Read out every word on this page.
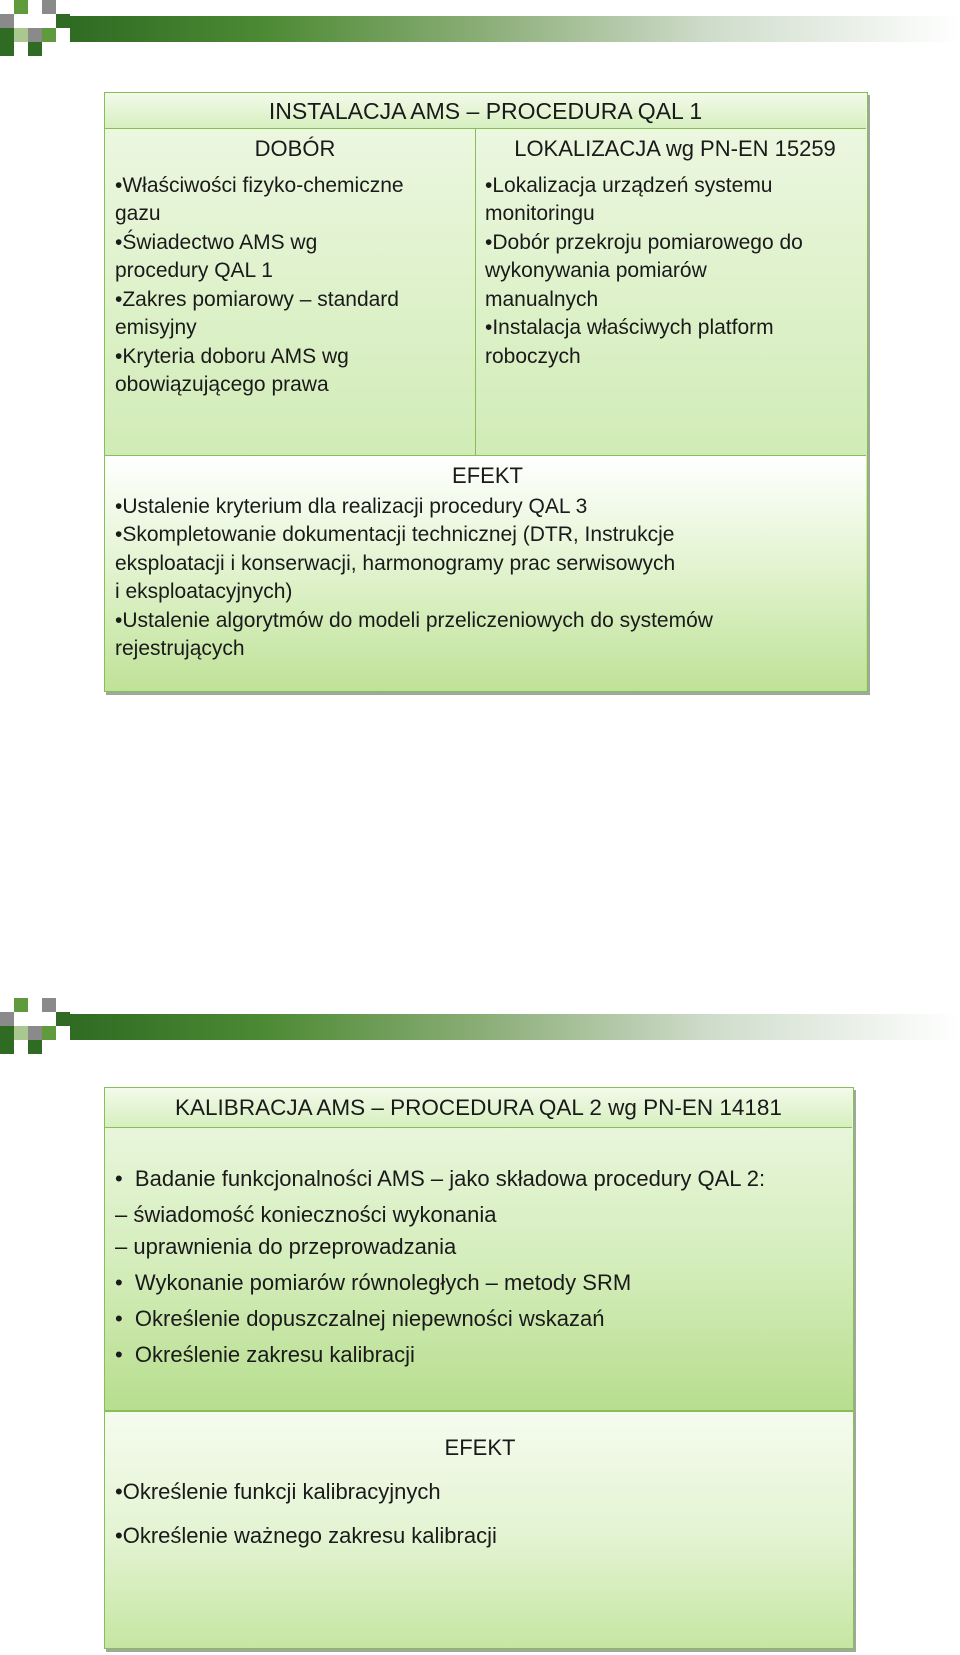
INSTALACJA AMS – PROCEDURA QAL 1
DOBÓR
•Właściwości fizyko-chemiczne
gazu
•Świadectwo AMS wg
procedury QAL 1
•Zakres pomiarowy – standard
emisyjny
•Kryteria doboru AMS wg
obowiązującego prawa
LOKALIZACJA wg PN-EN 15259
•Lokalizacja urządzeń systemu
monitoringu
•Dobór przekroju pomiarowego do
wykonywania pomiarów
manualnych
•Instalacja właściwych platform
roboczych
EFEKT
•Ustalenie kryterium dla realizacji procedury QAL 3
•Skompletowanie dokumentacji technicznej (DTR, Instrukcje
eksploatacji i konserwacji, harmonogramy prac serwisowych
i eksploatacyjnych)
•Ustalenie algorytmów do modeli przeliczeniowych do systemów
rejestrujących
KALIBRACJA AMS – PROCEDURA QAL 2 wg PN-EN 14181
•  Badanie funkcjonalności AMS – jako składowa procedury QAL 2:
– świadomość konieczności wykonania
– uprawnienia do przeprowadzania
•  Wykonanie pomiarów równoległych – metody SRM
•  Określenie dopuszczalnej niepewności wskazań
•  Określenie zakresu kalibracji
EFEKT
•Określenie funkcji kalibracyjnych
•Określenie ważnego zakresu kalibracji
